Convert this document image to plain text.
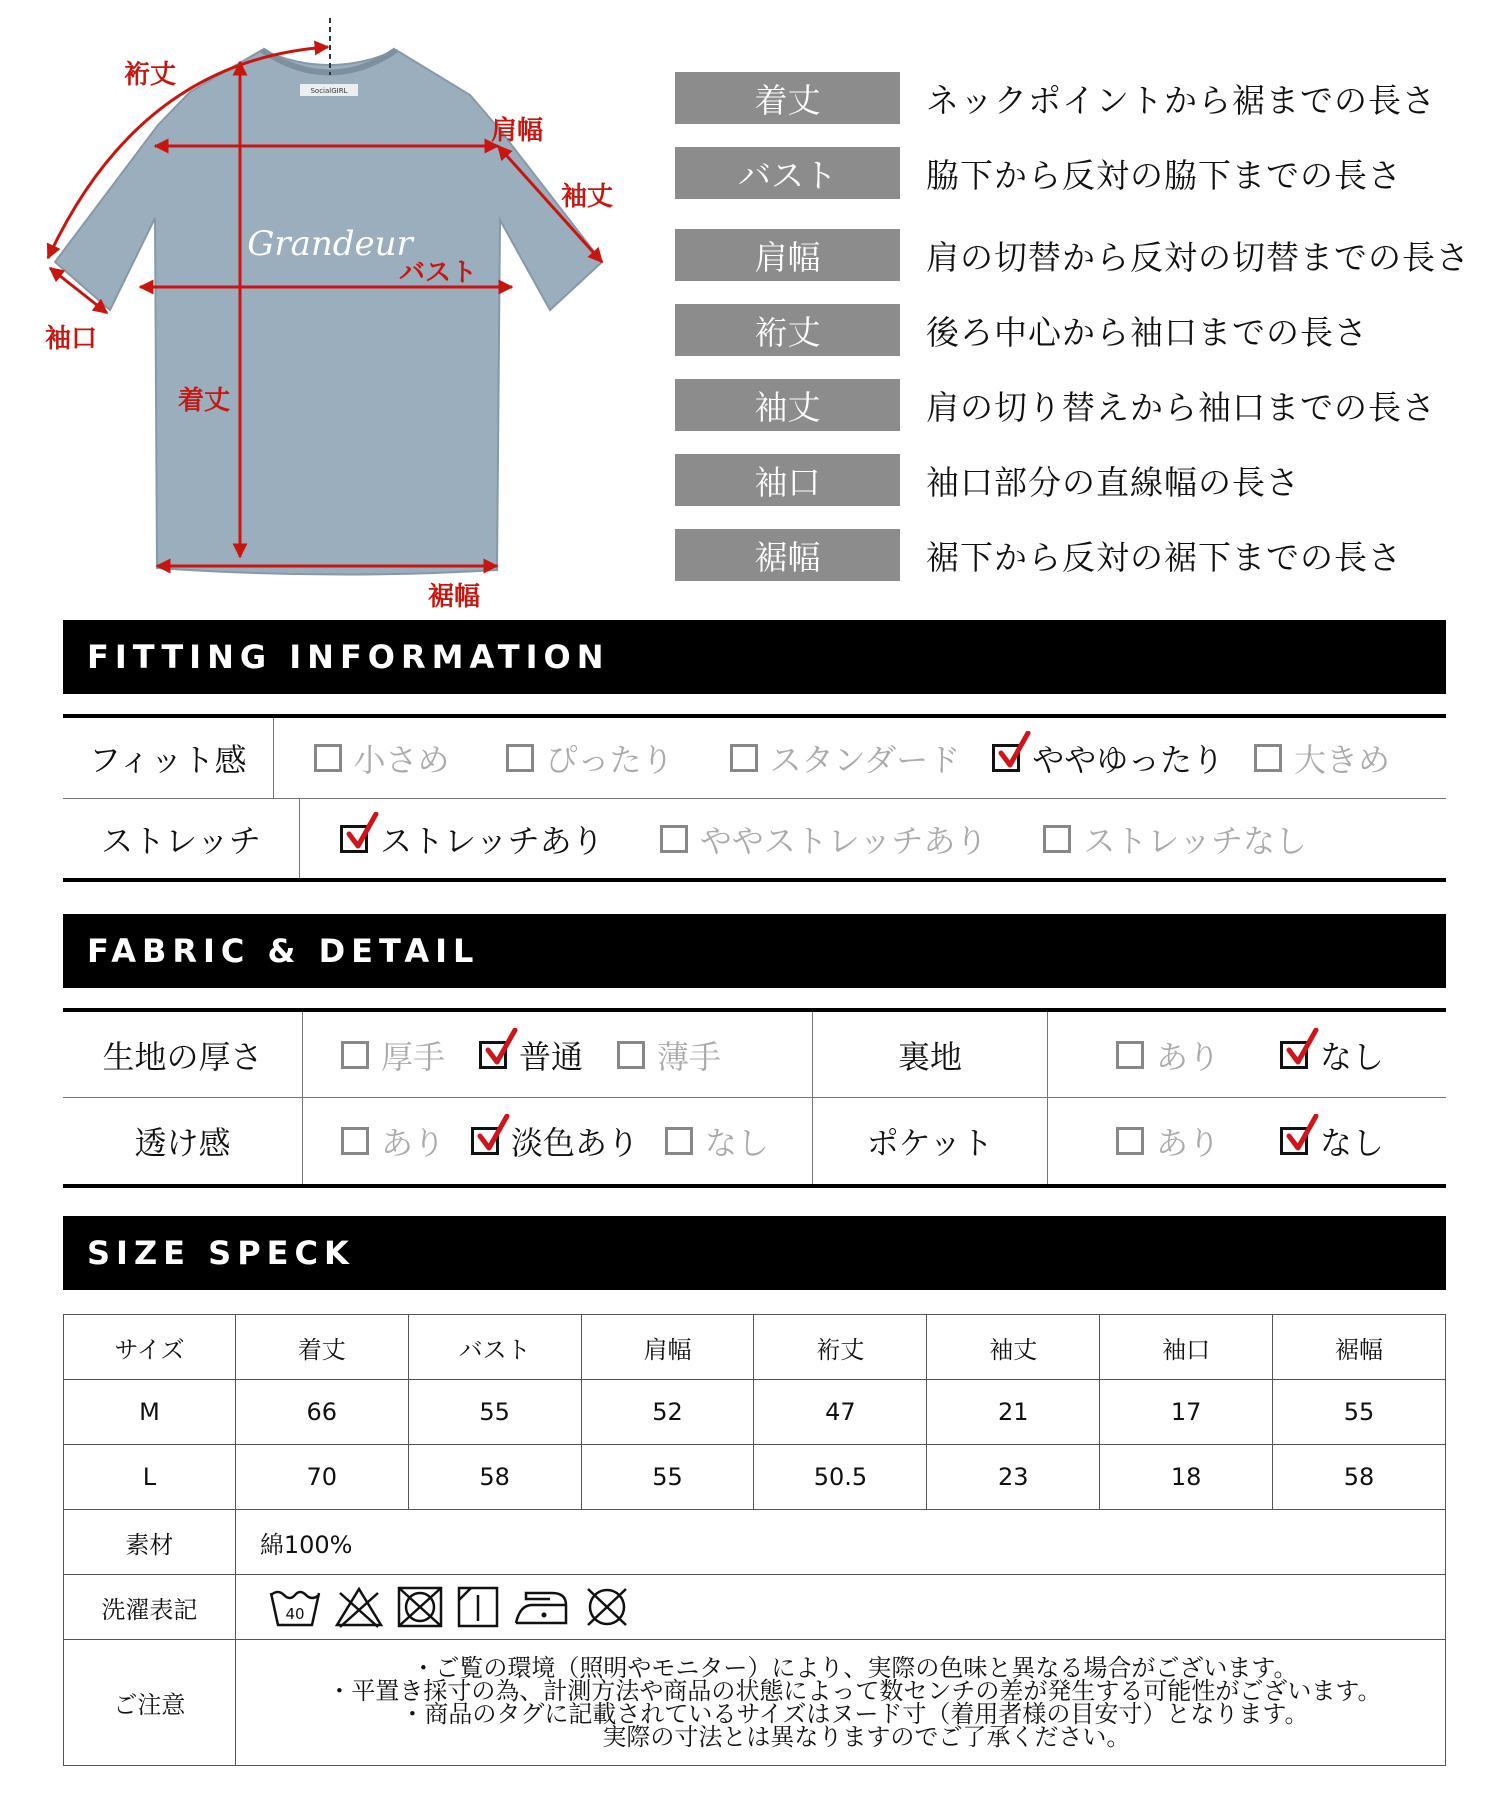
SocialGIRL
Grandeur
裄丈
肩幅
袖丈
バスト
袖口
着丈
裾幅
着丈	ネックポイントから裾までの長さ
バスト	脇下から反対の脇下までの長さ
肩幅	肩の切替から反対の切替までの長さ
裄丈	後ろ中心から袖口までの長さ
袖丈	肩の切り替えから袖口までの長さ
袖口	袖口部分の直線幅の長さ
裾幅	裾下から反対の裾下までの長さ
FITTING INFORMATION
フィット感	小さめ	ぴったり	スタンダード ややゆったり 大きめ
ストレッチ	ストレッチあり	ややストレッチあり	ストレッチなし
FABRIC & DETAIL
生地の厚さ	厚手 普通 薄手	裏地	あり	なし
透け感	あり 淡色あり なし	ポケット	あり	なし
SIZE SPECK
サイズ	着丈	バスト	肩幅	裄丈	袖丈	袖口	裾幅
M	66	55	52	47	21	17	55
L	70	58	55	50.5	23	18	58
素材	綿100%						
洗濯表記	40						

ご注意	・ご覧の環境（照明やモニター）により、実際の色味と異なる場合がございます。
・平置き採寸の為、計測方法や商品の状態によって数センチの差が発生する可能性がございます。
・商品のタグに記載されているサイズはヌード寸（着用者様の目安寸）となります。
　実際の寸法とは異なりますのでご了承ください。						
